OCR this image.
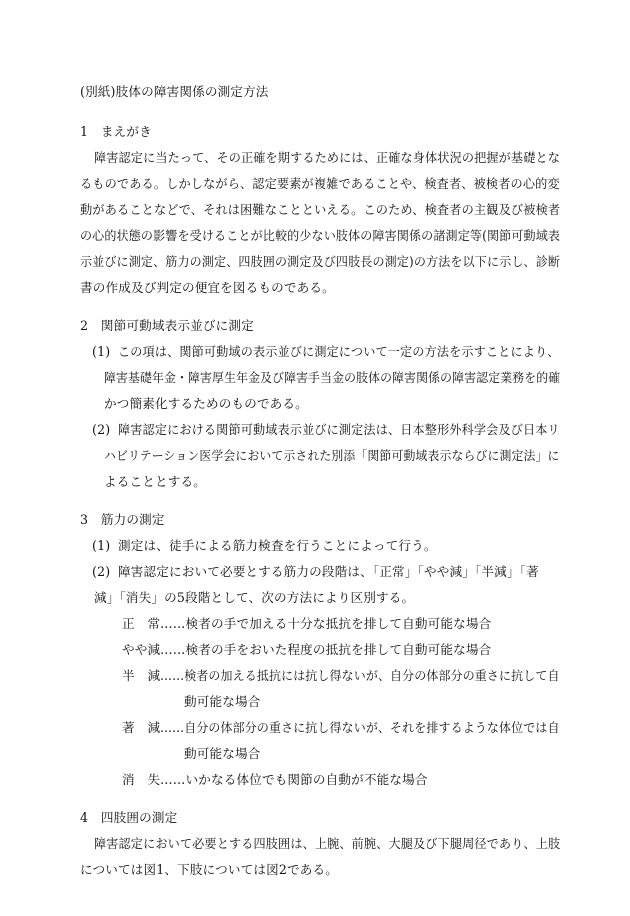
(別紙)肢体の障害関係の測定方法
1　まえがき
障害認定に当たって、その正確を期するためには、正確な身体状況の把握が基礎とな
るものである。しかしながら、認定要素が複雑であることや、検査者、被検者の心的変
動があることなどで、それは困難なことといえる。このため、検査者の主観及び被検者
の心的状態の影響を受けることが比較的少ない肢体の障害関係の諸測定等(関節可動域表
示並びに測定、筋力の測定、四肢囲の測定及び四肢長の測定)の方法を以下に示し、診断
書の作成及び判定の便宜を図るものである。
2　関節可動域表示並びに測定
(1) この項は、関節可動域の表示並びに測定について一定の方法を示すことにより、
障害基礎年金・障害厚生年金及び障害手当金の肢体の障害関係の障害認定業務を的確
かつ簡素化するためのものである。
(2) 障害認定における関節可動域表示並びに測定法は、日本整形外科学会及び日本リ
ハビリテーション医学会において示された別添「関節可動域表示ならびに測定法」に
よることとする。
3　筋力の測定
(1) 測定は、徒手による筋力検査を行うことによって行う。
(2) 障害認定において必要とする筋力の段階は、「正常」「やや減」「半減」「著
減」「消失」の5段階として、次の方法により区別する。
正　常 ……検者の手で加える十分な抵抗を排して自動可能な場合
やや減 ……検者の手をおいた程度の抵抗を排して自動可能な場合
半　減 ……検者の加える抵抗には抗し得ないが、自分の体部分の重さに抗して自
動可能な場合
著　減 ……自分の体部分の重さに抗し得ないが、それを排するような体位では自
動可能な場合
消　失 ……いかなる体位でも関節の自動が不能な場合
4　四肢囲の測定
障害認定において必要とする四肢囲は、上腕、前腕、大腿及び下腿周径であり、上肢
については図1、下肢については図2である。
